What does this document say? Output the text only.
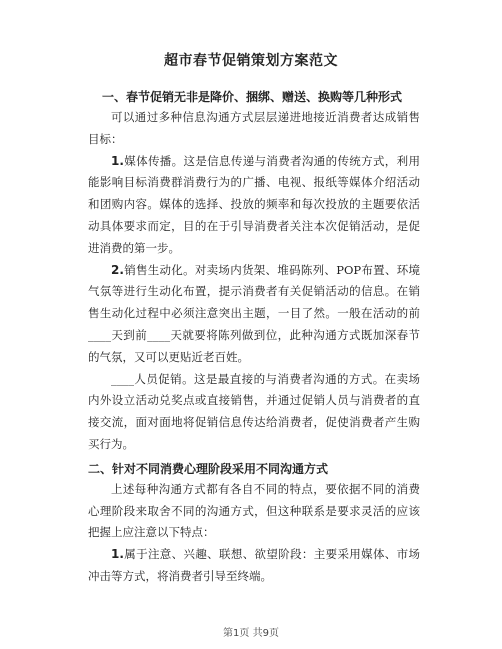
超市春节促销策划方案范文

一、春节促销无非是降价、捆绑、赠送、换购等几种形式

可以通过多种信息沟通方式层层递进地接近消费者达成销售目标：

1.媒体传播。这是信息传递与消费者沟通的传统方式，利用能影响目标消费群消费行为的广播、电视、报纸等媒体介绍活动和团购内容。媒体的选择、投放的频率和每次投放的主题要依活动具体要求而定，目的在于引导消费者关注本次促销活动，是促进消费的第一步。

2.销售生动化。对卖场内货架、堆码陈列、POP布置、环境气氛等进行生动化布置，提示消费者有关促销活动的信息。在销售生动化过程中必须注意突出主题，一目了然。一般在活动的前____天到前____天就要将陈列做到位，此种沟通方式既加深春节的气氛，又可以更贴近老百姓。

____人员促销。这是最直接的与消费者沟通的方式。在卖场内外设立活动兑奖点或直接销售，并通过促销人员与消费者的直接交流，面对面地将促销信息传达给消费者，促使消费者产生购买行为。

二、针对不同消费心理阶段采用不同沟通方式

上述每种沟通方式都有各自不同的特点，要依据不同的消费心理阶段来取舍不同的沟通方式，但这种联系是要求灵活的应该把握上应注意以下特点：

1.属于注意、兴趣、联想、欲望阶段：主要采用媒体、市场冲击等方式，将消费者引导至终端。

第1页 共9页
